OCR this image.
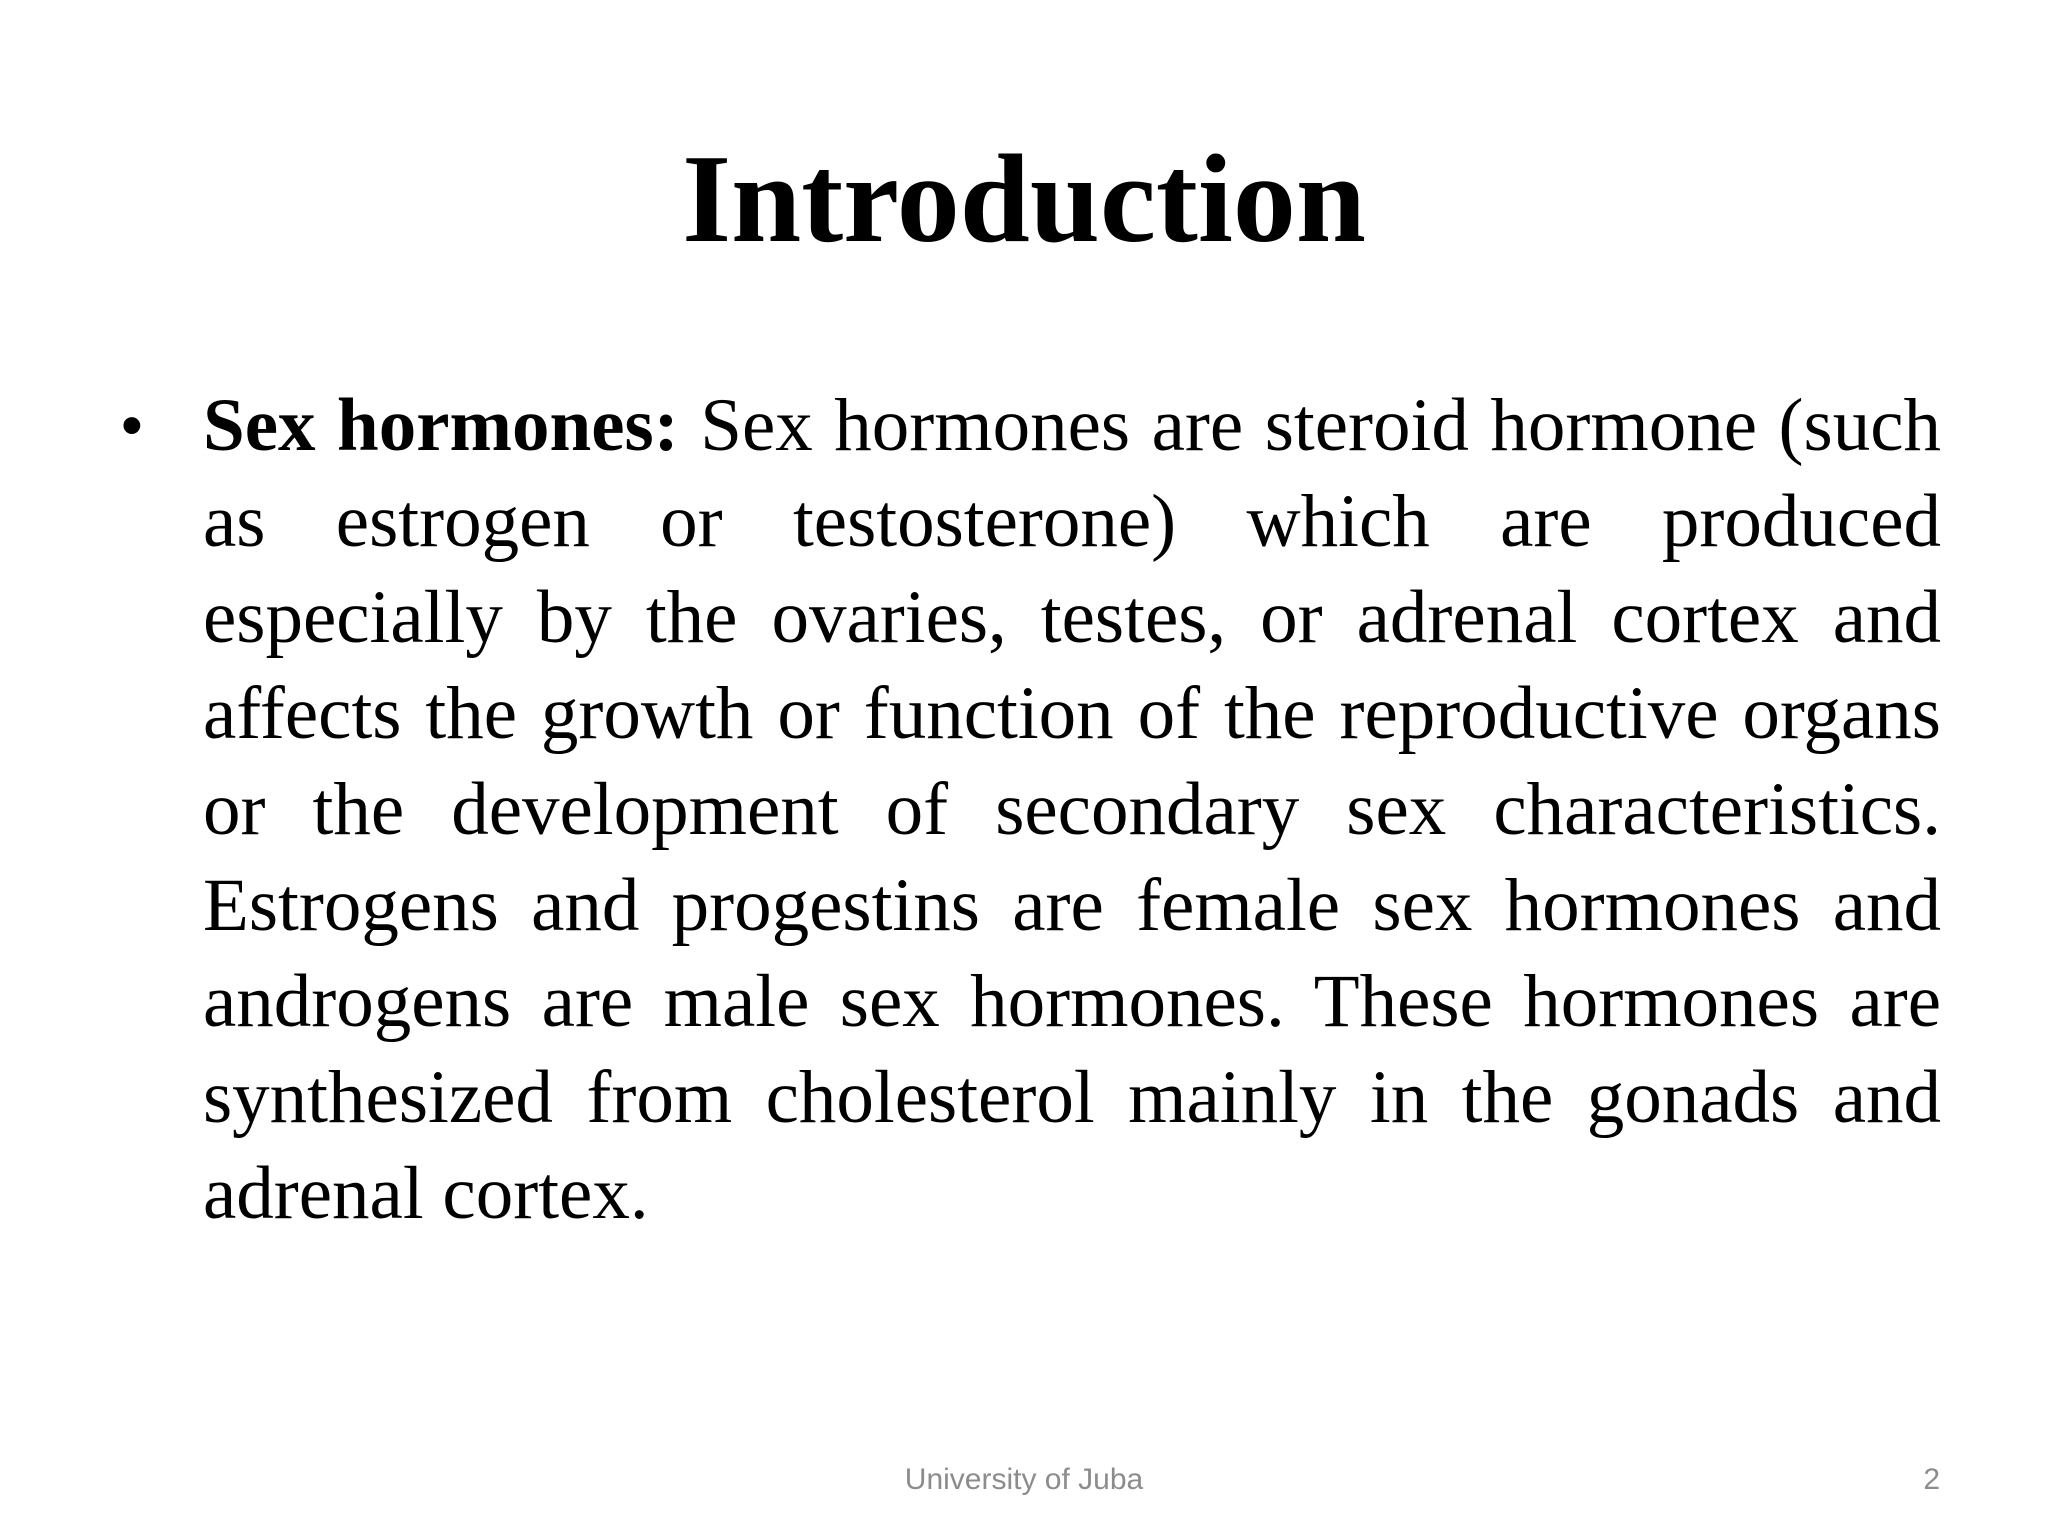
Introduction
• Sex hormones: Sex hormones are steroid hormone (such as estrogen or testosterone) which are produced especially by the ovaries, testes, or adrenal cortex and affects the growth or function of the reproductive organs or the development of secondary sex characteristics. Estrogens and progestins are female sex hormones and androgens are male sex hormones. These hormones are synthesized from cholesterol mainly in the gonads and adrenal cortex.
University of Juba	2
